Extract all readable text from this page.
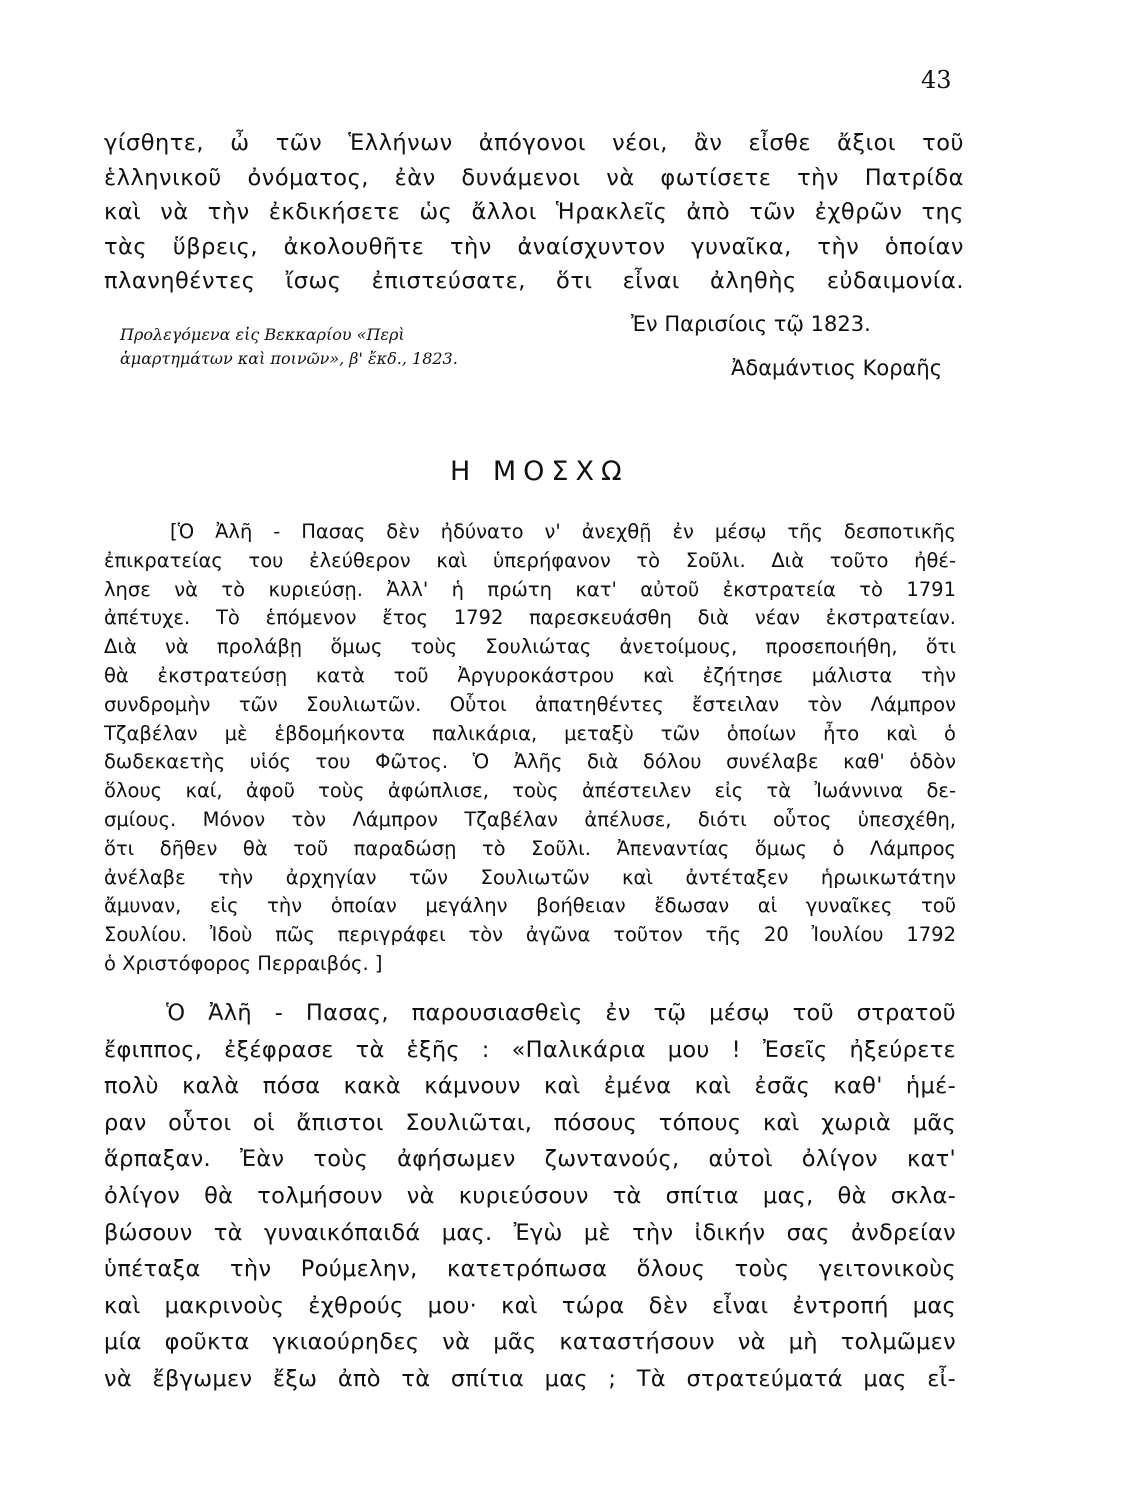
43
γίσθητε, ὦ τῶν Ἑλλήνων ἀπόγονοι νέοι, ἂν εἶσθε ἄξιοι τοῦ
ἑλληνικοῦ ὀνόματος, ἐὰν δυνάμενοι νὰ φωτίσετε τὴν Πατρίδα
καὶ νὰ τὴν ἐκδικήσετε ὡς ἄλλοι Ἡρακλεῖς ἀπὸ τῶν ἐχθρῶν της
τὰς ὕβρεις, ἀκολουθῆτε τὴν ἀναίσχυντον γυναῖκα, τὴν ὁποίαν
πλανηθέντες ἴσως ἐπιστεύσατε, ὅτι εἶναι ἀληθὴς εὐδαιμονία.
Ἐν Παρισίοις τῷ 1823.
Προλεγόμενα εἰς Βεκκαρίου «Περὶ
ἁμαρτημάτων καὶ ποινῶν», β' ἔκδ., 1823.	Ἀδαμάντιος Κοραῆς
Η ΜΟΣΧΩ
[Ὁ Ἀλῆ - Πασας δὲν ἠδύνατο ν' ἀνεχθῇ ἐν μέσῳ τῆς δεσποτικῆς
ἐπικρατείας του ἐλεύθερον καὶ ὑπερήφανον τὸ Σοῦλι. Διὰ τοῦτο ἠθέ-
λησε νὰ τὸ κυριεύσῃ. Ἀλλ' ἡ πρώτη κατ' αὐτοῦ ἐκστρατεία τὸ 1791
ἀπέτυχε. Τὸ ἑπόμενον ἔτος 1792 παρεσκευάσθη διὰ νέαν ἐκστρατείαν.
Διὰ νὰ προλάβῃ ὅμως τοὺς Σουλιώτας ἀνετοίμους, προσεποιήθη, ὅτι
θὰ ἐκστρατεύσῃ κατὰ τοῦ Ἀργυροκάστρου καὶ ἐζήτησε μάλιστα τὴν
συνδρομὴν τῶν Σουλιωτῶν. Οὗτοι ἀπατηθέντες ἔστειλαν τὸν Λάμπρον
Τζαβέλαν μὲ ἑβδομήκοντα παλικάρια, μεταξὺ τῶν ὁποίων ἦτο καὶ ὁ
δωδεκαετὴς υἱός του Φῶτος. Ὁ Ἀλῆς διὰ δόλου συνέλαβε καθ' ὁδὸν
ὅλους καί, ἀφοῦ τοὺς ἀφώπλισε, τοὺς ἀπέστειλεν εἰς τὰ Ἰωάννινα δε-
σμίους. Μόνον τὸν Λάμπρον Τζαβέλαν ἀπέλυσε, διότι οὗτος ὑπεσχέθη,
ὅτι δῆθεν θὰ τοῦ παραδώσῃ τὸ Σοῦλι. Ἀπεναντίας ὅμως ὁ Λάμπρος
ἀνέλαβε τὴν ἀρχηγίαν τῶν Σουλιωτῶν καὶ ἀντέταξεν ἡρωικωτάτην
ἄμυναν, εἰς τὴν ὁποίαν μεγάλην βοήθειαν ἔδωσαν αἱ γυναῖκες τοῦ
Σουλίου. Ἰδοὺ πῶς περιγράφει τὸν ἀγῶνα τοῦτον τῆς 20 Ἰουλίου 1792
ὁ Χριστόφορος Περραιβός. ]
Ὁ Ἀλῆ - Πασας, παρουσιασθεὶς ἐν τῷ μέσῳ τοῦ στρατοῦ
ἔφιππος, ἐξέφρασε τὰ ἑξῆς : «Παλικάρια μου ! Ἐσεῖς ἠξεύρετε
πολὺ καλὰ πόσα κακὰ κάμνουν καὶ ἐμένα καὶ ἐσᾶς καθ' ἡμέ-
ραν οὗτοι οἱ ἄπιστοι Σουλιῶται, πόσους τόπους καὶ χωριὰ μᾶς
ἅρπαξαν. Ἐὰν τοὺς ἀφήσωμεν ζωντανούς, αὐτοὶ ὀλίγον κατ'
ὀλίγον θὰ τολμήσουν νὰ κυριεύσουν τὰ σπίτια μας, θὰ σκλα-
βώσουν τὰ γυναικόπαιδά μας. Ἐγὼ μὲ τὴν ἰδικήν σας ἀνδρείαν
ὑπέταξα τὴν Ρούμελην, κατετρόπωσα ὅλους τοὺς γειτονικοὺς
καὶ μακρινοὺς ἐχθρούς μου· καὶ τώρα δὲν εἶναι ἐντροπή μας
μία φοῦκτα γκιαούρηδες νὰ μᾶς καταστήσουν νὰ μὴ τολμῶμεν
νὰ ἔβγωμεν ἔξω ἀπὸ τὰ σπίτια μας ; Τὰ στρατεύματά μας εἶ-
